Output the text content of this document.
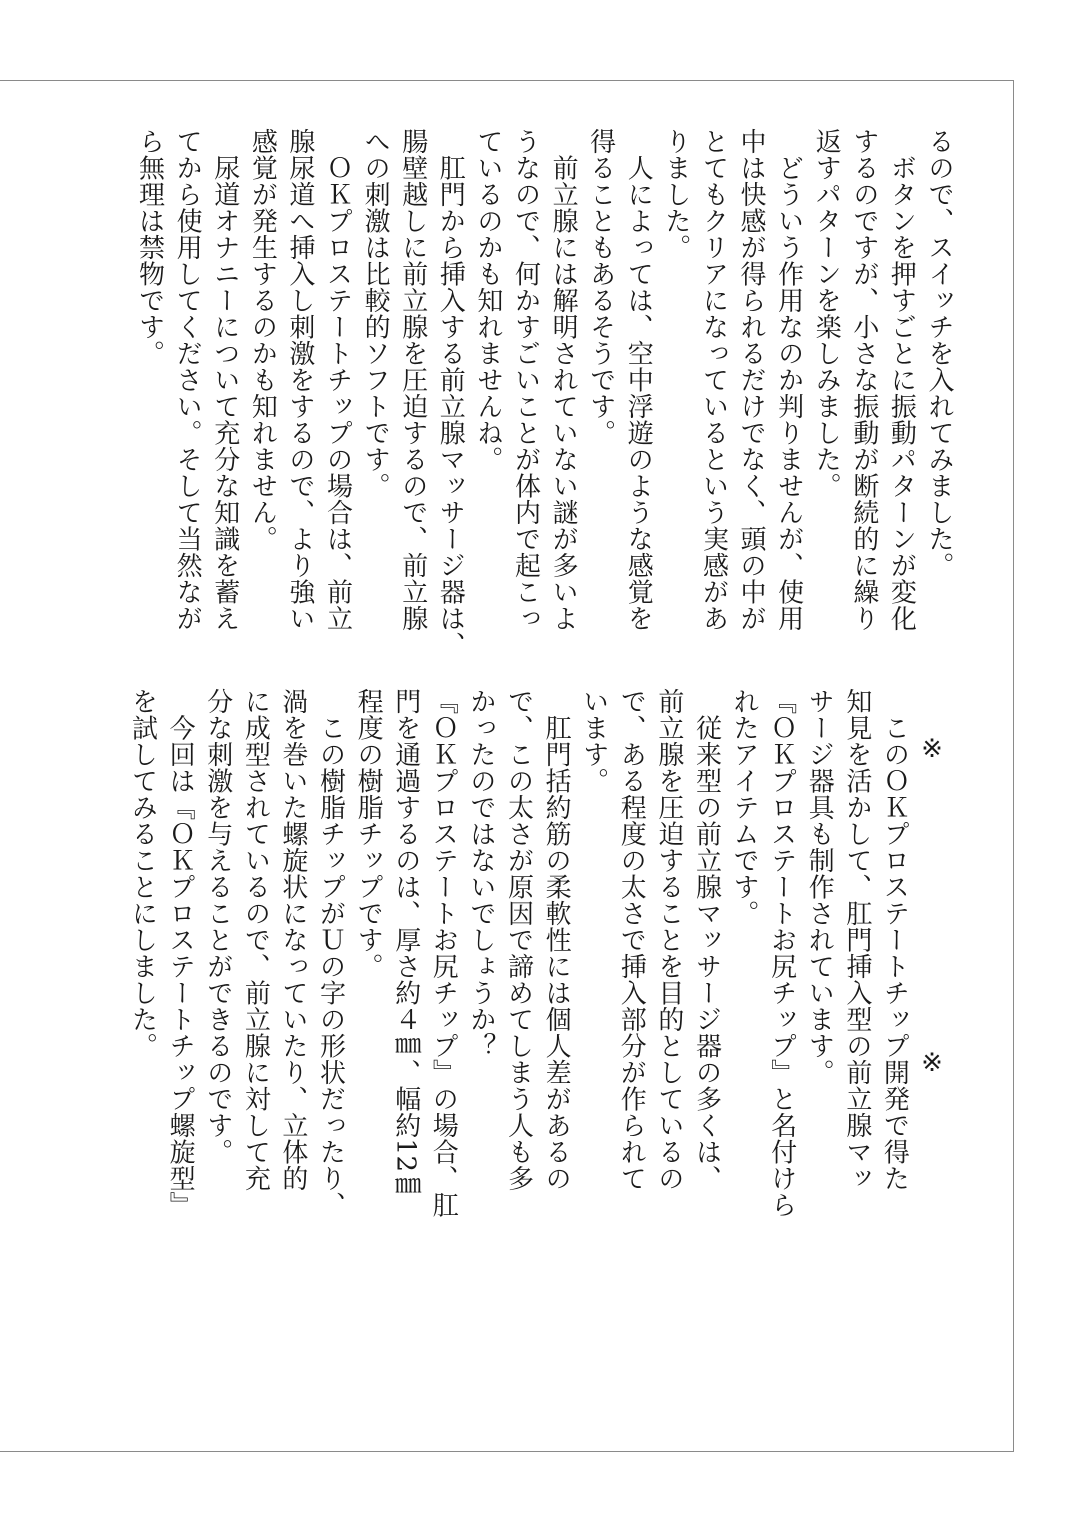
るので、スイッチを入れてみました。
　ボタンを押すごとに振動パターンが変化
するのですが、小さな振動が断続的に繰り
返すパターンを楽しみました。
　どういう作用なのか判りませんが、使用
中は快感が得られるだけでなく、頭の中が
とてもクリアになっているという実感があ
りました。
　人によっては、空中浮遊のような感覚を
得ることもあるそうです。
　前立腺には解明されていない謎が多いよ
うなので、何かすごいことが体内で起こっ
ているのかも知れませんね。
　肛門から挿入する前立腺マッサージ器は、
腸壁越しに前立腺を圧迫するので、前立腺
への刺激は比較的ソフトです。
　ＯＫプロステートチップの場合は、前立
腺尿道へ挿入し刺激をするので、より強い
感覚が発生するのかも知れません。
　尿道オナニーについて充分な知識を蓄え
てから使用してください。そして当然なが
ら無理は禁物です。
※
※
　このＯＫプロステートチップ開発で得た
知見を活かして、肛門挿入型の前立腺マッ
サージ器具も制作されています。
『ＯＫプロステートお尻チップ』と名付けら
れたアイテムです。
　従来型の前立腺マッサージ器の多くは、
前立腺を圧迫することを目的としているの
で、ある程度の太さで挿入部分が作られて
います。
　肛門括約筋の柔軟性には個人差があるの
で、この太さが原因で諦めてしまう人も多
かったのではないでしょうか？
『ＯＫプロステートお尻チップ』の場合、肛
門を通過するのは、厚さ約４㎜、幅約12㎜
程度の樹脂チップです。
　この樹脂チップがＵの字の形状だったり、
渦を巻いた螺旋状になっていたり、立体的
に成型されているので、前立腺に対して充
分な刺激を与えることができるのです。
　今回は『ＯＫプロステートチップ螺旋型』
を試してみることにしました。
